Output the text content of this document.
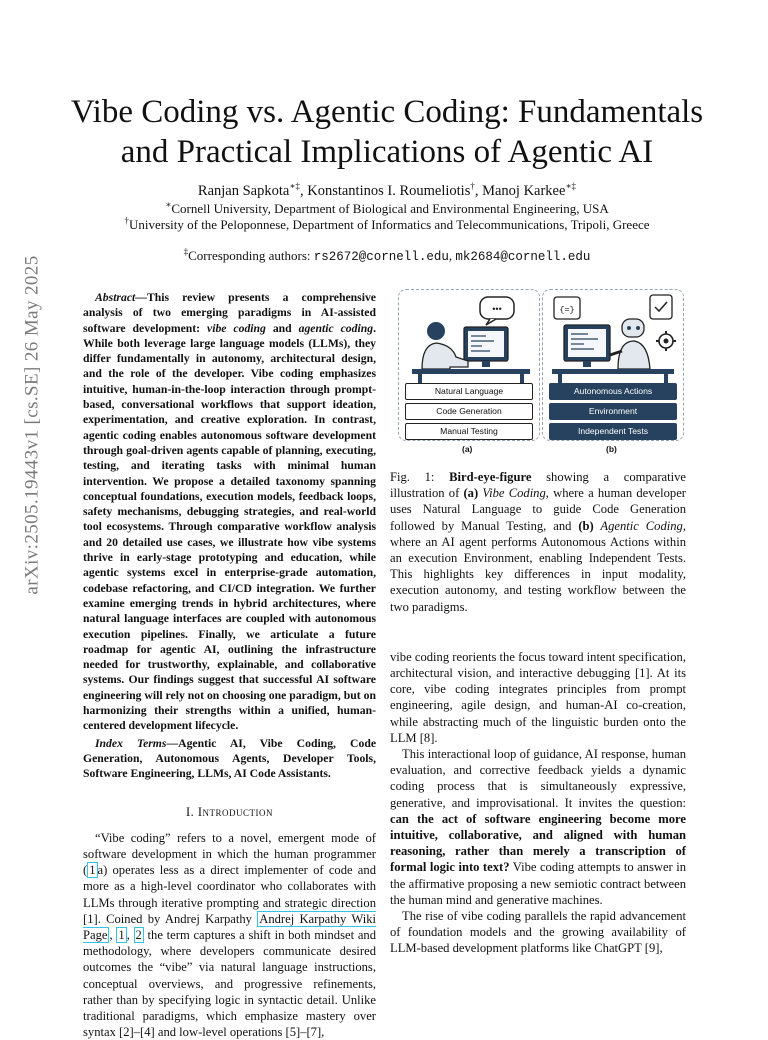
arXiv:2505.19443v1 [cs.SE] 26 May 2025
Vibe Coding vs. Agentic Coding: Fundamentals
and Practical Implications of Agentic AI
Ranjan Sapkota∗‡, Konstantinos I. Roumeliotis†, Manoj Karkee∗‡
∗Cornell University, Department of Biological and Environmental Engineering, USA
†University of the Peloponnese, Department of Informatics and Telecommunications, Tripoli, Greece
‡Corresponding authors: rs2672@cornell.edu, mk2684@cornell.edu

Abstract—This review presents a comprehensive analysis of two emerging paradigms in AI-assisted software development: vibe coding and agentic coding. While both leverage large language models (LLMs), they differ fundamentally in autonomy, architectural design, and the role of the developer. Vibe coding emphasizes intuitive, human-in-the-loop interaction through prompt-based, conversational workflows that support ideation, experimentation, and creative exploration. In contrast, agentic coding enables autonomous software development through goal-driven agents capable of planning, executing, testing, and iterating tasks with minimal human intervention. We propose a detailed taxonomy spanning conceptual foundations, execution models, feedback loops, safety mechanisms, debugging strategies, and real-world tool ecosystems. Through comparative workflow analysis and 20 detailed use cases, we illustrate how vibe systems thrive in early-stage prototyping and education, while agentic systems excel in enterprise-grade automation, codebase refactoring, and CI/CD integration. We further examine emerging trends in hybrid architectures, where natural language interfaces are coupled with autonomous execution pipelines. Finally, we articulate a future roadmap for agentic AI, outlining the infrastructure needed for trustworthy, explainable, and collaborative systems. Our findings suggest that successful AI software engineering will rely not on choosing one paradigm, but on harmonizing their strengths within a unified, human-centered development lifecycle.

Index Terms—Agentic AI, Vibe Coding, Code Generation, Autonomous Agents, Developer Tools, Software Engineering, LLMs, AI Code Assistants.

I. Introduction

“Vibe coding” refers to a novel, emergent mode of software development in which the human programmer ( 1 a) operates less as a direct implementer of code and more as a high-level coordinator who collaborates with LLMs through iterative prompting and strategic direction [1]. Coined by Andrej Karpathy Andrej Karpathy Wiki Page , 1 , 2 the term captures a shift in both mindset and methodology, where developers communicate desired outcomes the “vibe” via natural language instructions, conceptual overviews, and progressive refinements, rather than by specifying logic in syntactic detail. Unlike traditional paradigms, which emphasize mastery over syntax [2]–[4] and low-level operations [5]–[7],

•••
Natural Language
Code Generation
Manual Testing
(a)
{=}
Autonomous Actions
Environment
Independent Tests
(b)

Fig. 1: Bird-eye-figure showing a comparative illustration of (a) Vibe Coding, where a human developer uses Natural Language to guide Code Generation followed by Manual Testing, and (b) Agentic Coding, where an AI agent performs Autonomous Actions within an execution Environment, enabling Independent Tests. This highlights key differences in input modality, execution autonomy, and testing workflow between the two paradigms.

vibe coding reorients the focus toward intent specification, architectural vision, and interactive debugging [1]. At its core, vibe coding integrates principles from prompt engineering, agile design, and human-AI co-creation, while abstracting much of the linguistic burden onto the LLM [8].

This interactional loop of guidance, AI response, human evaluation, and corrective feedback yields a dynamic coding process that is simultaneously expressive, generative, and improvisational. It invites the question: can the act of software engineering become more intuitive, collaborative, and aligned with human reasoning, rather than merely a transcription of formal logic into text? Vibe coding attempts to answer in the affirmative proposing a new semiotic contract between the human mind and generative machines.

The rise of vibe coding parallels the rapid advancement of foundation models and the growing availability of LLM-based development platforms like ChatGPT [9],
